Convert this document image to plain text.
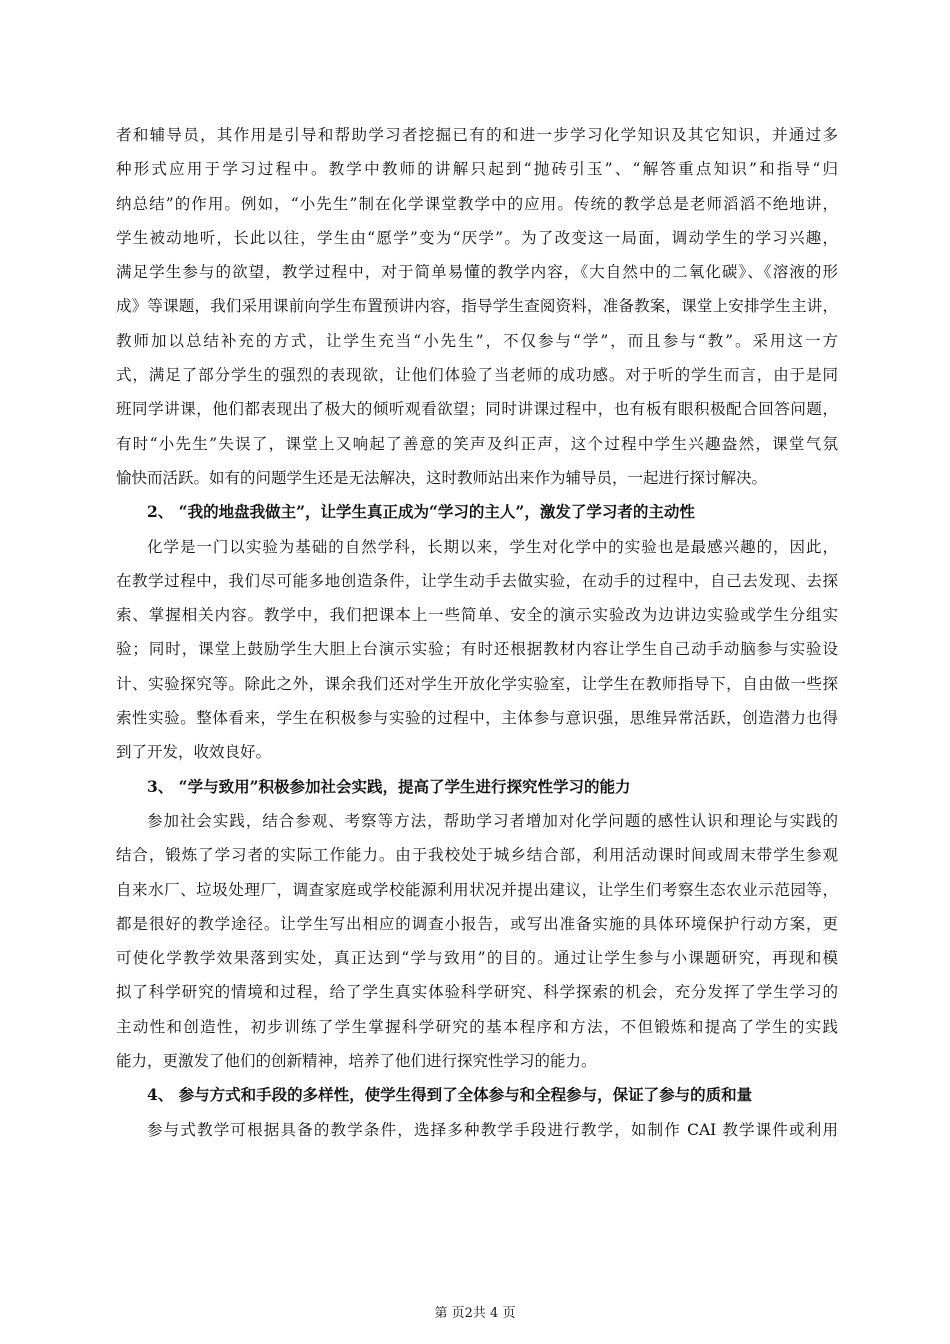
者和辅导员，其作用是引导和帮助学习者挖掘已有的和进一步学习化学知识及其它知识，并通过多
种形式应用于学习过程中。教学中教师的讲解只起到“抛砖引玉”、“解答重点知识”和指导“归
纳总结”的作用。例如，“小先生”制在化学课堂教学中的应用。传统的教学总是老师滔滔不绝地讲，
学生被动地听，长此以往，学生由“愿学”变为“厌学”。为了改变这一局面，调动学生的学习兴趣，
满足学生参与的欲望，教学过程中，对于简单易懂的教学内容，《大自然中的二氧化碳》、《溶液的形
成》等课题，我们采用课前向学生布置预讲内容，指导学生查阅资料，准备教案，课堂上安排学生主讲，
教师加以总结补充的方式，让学生充当“小先生”，不仅参与“学”，而且参与“教”。采用这一方
式，满足了部分学生的强烈的表现欲，让他们体验了当老师的成功感。对于听的学生而言，由于是同
班同学讲课，他们都表现出了极大的倾听观看欲望；同时讲课过程中，也有板有眼积极配合回答问题，
有时“小先生”失误了，课堂上又响起了善意的笑声及纠正声，这个过程中学生兴趣盎然，课堂气氛
愉快而活跃。如有的问题学生还是无法解决，这时教师站出来作为辅导员，一起进行探讨解决。
2、 “我的地盘我做主”，让学生真正成为“学习的主人”，激发了学习者的主动性
化学是一门以实验为基础的自然学科，长期以来，学生对化学中的实验也是最感兴趣的，因此，
在教学过程中，我们尽可能多地创造条件，让学生动手去做实验，在动手的过程中，自己去发现、去探
索、掌握相关内容。教学中，我们把课本上一些简单、安全的演示实验改为边讲边实验或学生分组实
验；同时，课堂上鼓励学生大胆上台演示实验；有时还根据教材内容让学生自己动手动脑参与实验设
计、实验探究等。除此之外，课余我们还对学生开放化学实验室，让学生在教师指导下，自由做一些探
索性实验。整体看来，学生在积极参与实验的过程中，主体参与意识强，思维异常活跃，创造潜力也得
到了开发，收效良好。
3、 “学与致用”积极参加社会实践，提高了学生进行探究性学习的能力
参加社会实践，结合参观、考察等方法，帮助学习者增加对化学问题的感性认识和理论与实践的
结合，锻炼了学习者的实际工作能力。由于我校处于城乡结合部，利用活动课时间或周末带学生参观
自来水厂、垃圾处理厂，调查家庭或学校能源利用状况并提出建议，让学生们考察生态农业示范园等，
都是很好的教学途径。让学生写出相应的调查小报告，或写出准备实施的具体环境保护行动方案，更
可使化学教学效果落到实处，真正达到“学与致用”的目的。通过让学生参与小课题研究，再现和模
拟了科学研究的情境和过程，给了学生真实体验科学研究、科学探索的机会，充分发挥了学生学习的
主动性和创造性，初步训练了学生掌握科学研究的基本程序和方法，不但锻炼和提高了学生的实践
能力，更激发了他们的创新精神，培养了他们进行探究性学习的能力。
4、 参与方式和手段的多样性，使学生得到了全体参与和全程参与，保证了参与的质和量
参与式教学可根据具备的教学条件，选择多种教学手段进行教学，如制作 CAI 教学课件或利用
第 页2共 4 页
